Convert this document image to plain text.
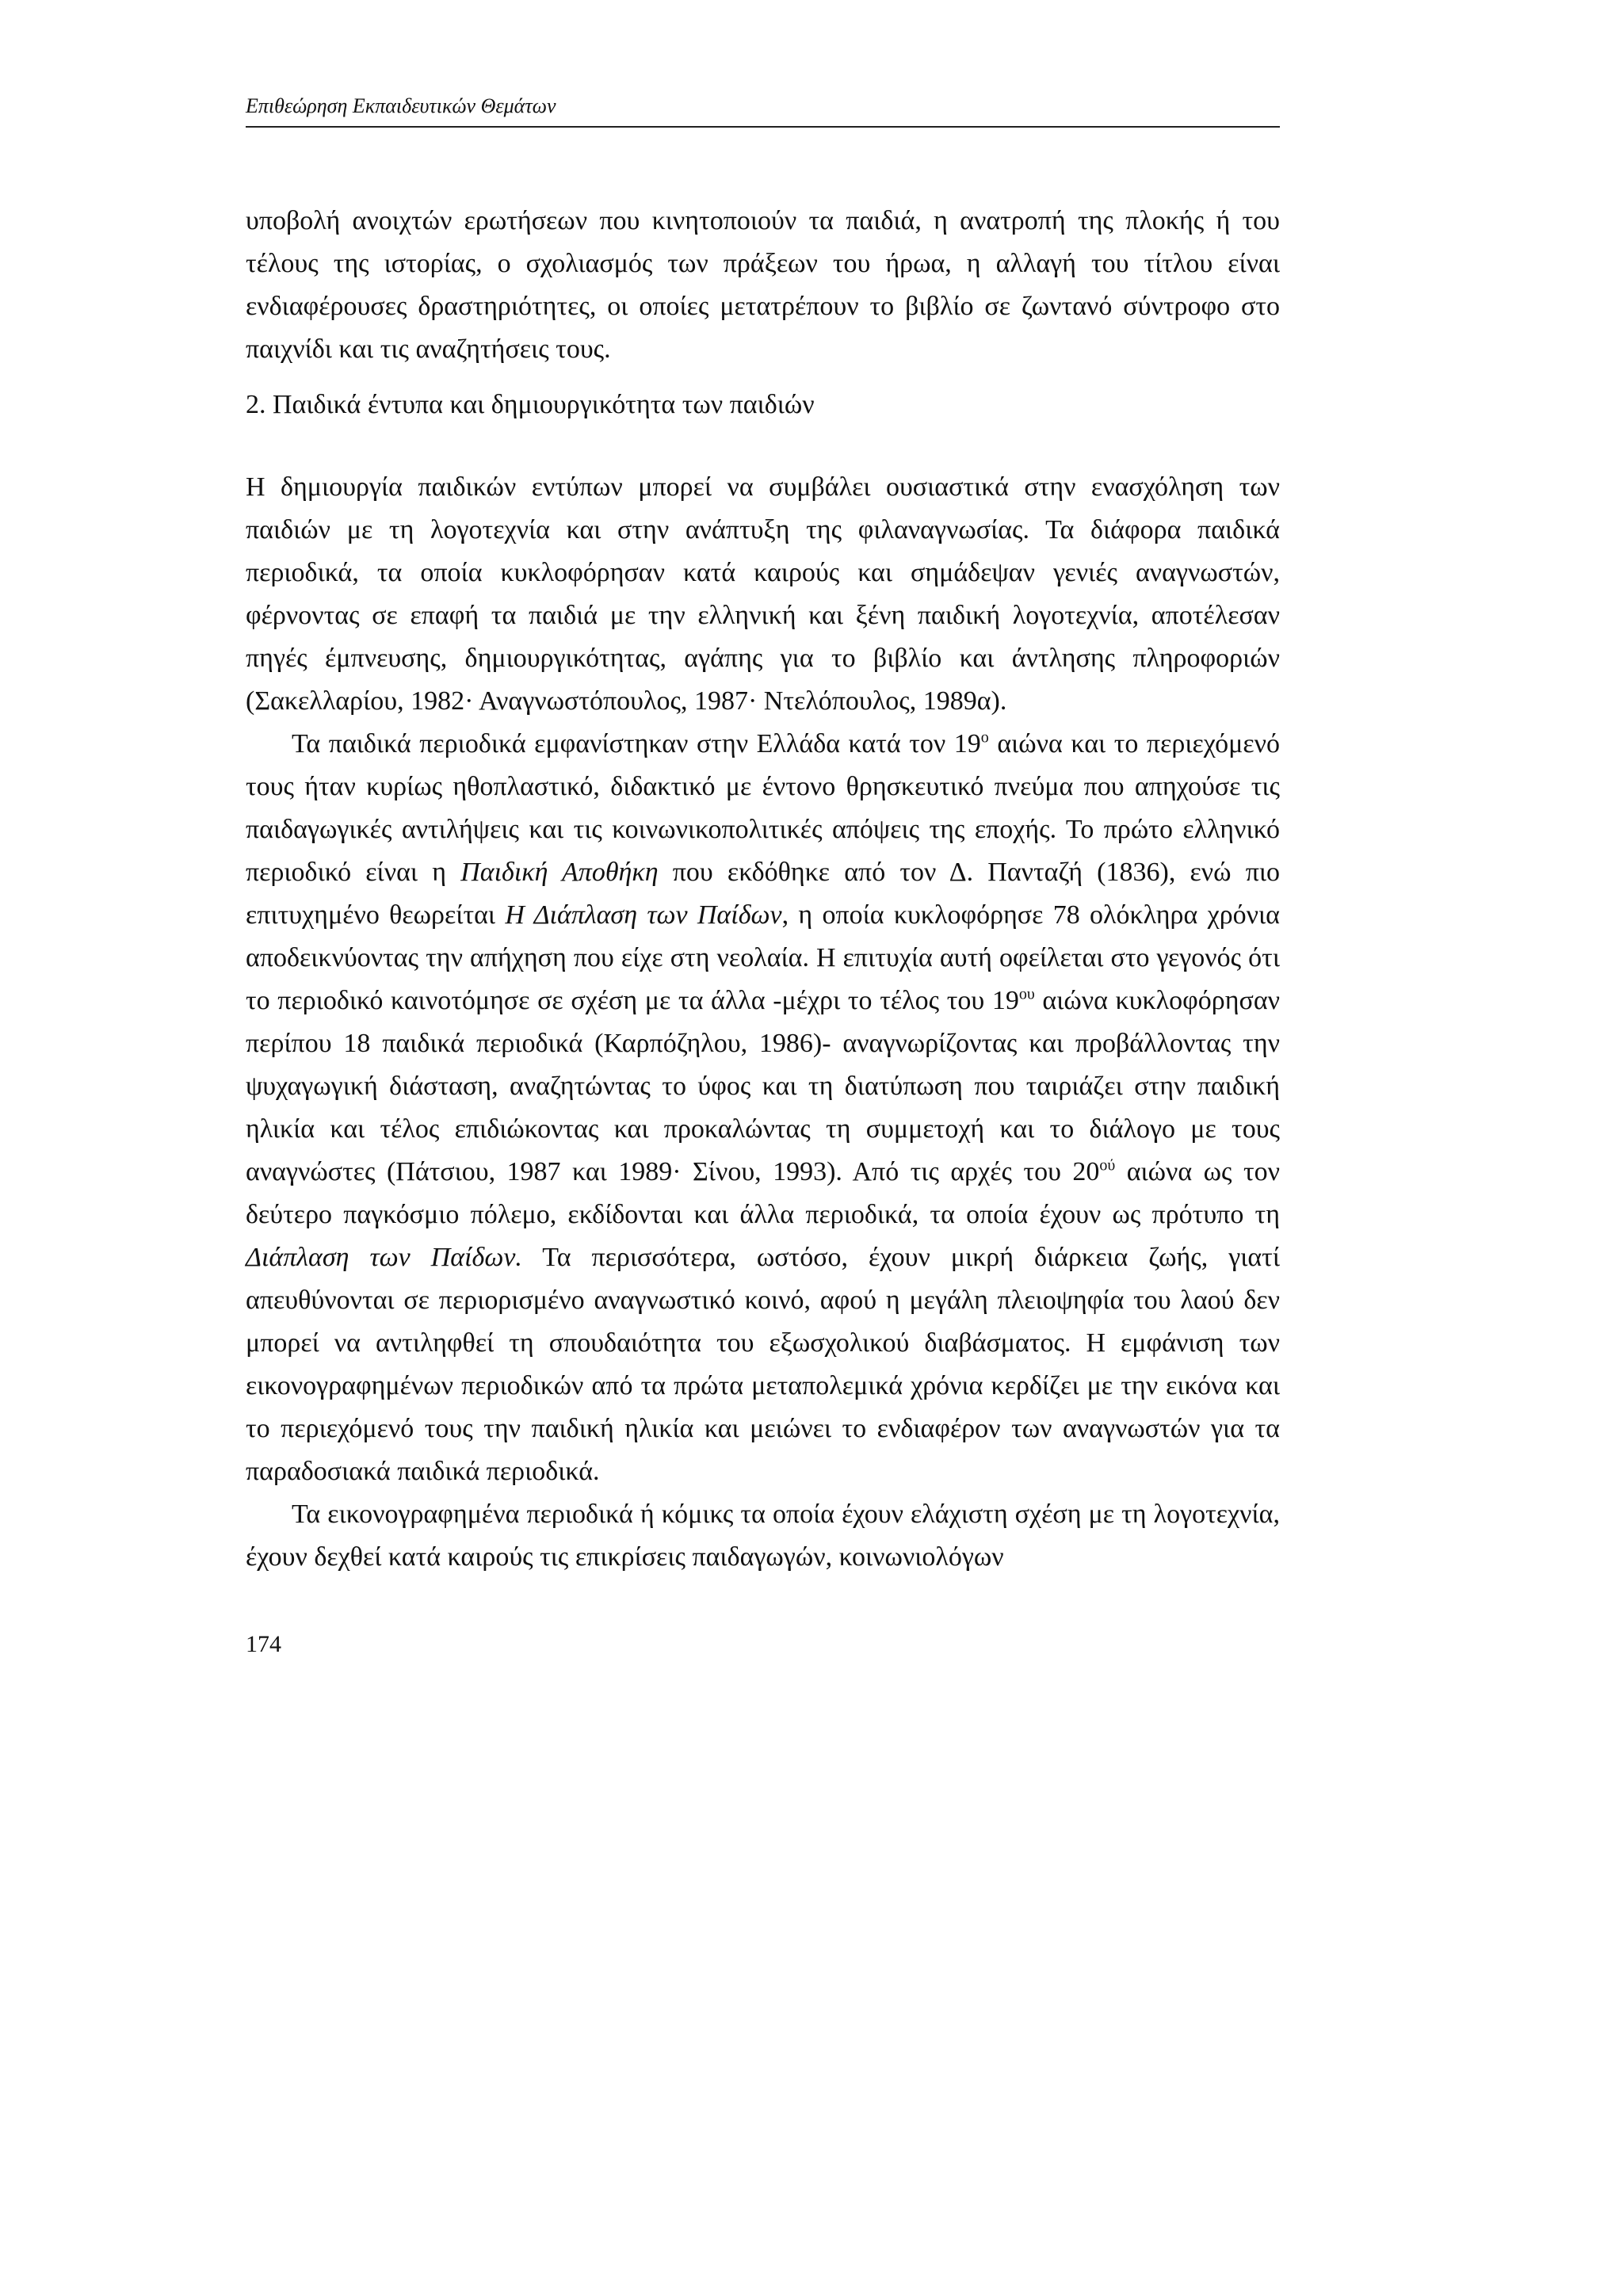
Επιθεώρηση Εκπαιδευτικών Θεμάτων

υποβολή ανοιχτών ερωτήσεων που κινητοποιούν τα παιδιά, η ανατροπή της πλοκής ή του τέλους της ιστορίας, ο σχολιασμός των πράξεων του ήρωα, η αλλαγή του τίτλου είναι ενδιαφέρουσες δραστηριότητες, οι οποίες μετατρέπουν το βιβλίο σε ζωντανό σύντροφο στο παιχνίδι και τις αναζητήσεις τους.

2. Παιδικά έντυπα και δημιουργικότητα των παιδιών

Η δημιουργία παιδικών εντύπων μπορεί να συμβάλει ουσιαστικά στην ενασχόληση των παιδιών με τη λογοτεχνία και στην ανάπτυξη της φιλαναγνωσίας. Τα διάφορα παιδικά περιοδικά, τα οποία κυκλοφόρησαν κατά καιρούς και σημάδεψαν γενιές αναγνωστών, φέρνοντας σε επαφή τα παιδιά με την ελληνική και ξένη παιδική λογοτεχνία, αποτέλεσαν πηγές έμπνευσης, δημιουργικότητας, αγάπης για το βιβλίο και άντλησης πληροφοριών (Σακελλαρίου, 1982· Αναγνωστόπουλος, 1987· Ντελόπουλος, 1989α).

Τα παιδικά περιοδικά εμφανίστηκαν στην Ελλάδα κατά τον $19^o$ αιώνα και το περιεχόμενό τους ήταν κυρίως ηθοπλαστικό, διδακτικό με έντονο θρησκευτικό πνεύμα που απηχούσε τις παιδαγωγικές αντιλήψεις και τις κοινωνικοπολιτικές απόψεις της εποχής. Το πρώτο ελληνικό περιοδικό είναι η Παιδική Αποθήκη που εκδόθηκε από τον Δ. Πανταζή (1836), ενώ πιο επιτυχημένο θεωρείται Η Διάπλαση των Παίδων, η οποία κυκλοφόρησε 78 ολόκληρα χρόνια αποδεικνύοντας την απήχηση που είχε στη νεολαία. Η επιτυχία αυτή οφείλεται στο γεγονός ότι το περιοδικό καινοτόμησε σε σχέση με τα άλλα -μέχρι το τέλος του $19^{o\upsilon}$ αιώνα κυκλοφόρησαν περίπου 18 παιδικά περιοδικά (Καρπόζηλου, 1986)- αναγνωρίζοντας και προβάλλοντας την ψυχαγωγική διάσταση, αναζητώντας το ύφος και τη διατύπωση που ταιριάζει στην παιδική ηλικία και τέλος επιδιώκοντας και προκαλώντας τη συμμετοχή και το διάλογο με τους αναγνώστες (Πάτσιου, 1987 και 1989· Σίνου, 1993). Από τις αρχές του $20^{oύ}$ αιώνα ως τον δεύτερο παγκόσμιο πόλεμο, εκδίδονται και άλλα περιοδικά, τα οποία έχουν ως πρότυπο τη Διάπλαση των Παίδων. Τα περισσότερα, ωστόσο, έχουν μικρή διάρκεια ζωής, γιατί απευθύνονται σε περιορισμένο αναγνωστικό κοινό, αφού η μεγάλη πλειοψηφία του λαού δεν μπορεί να αντιληφθεί τη σπουδαιότητα του εξωσχολικού διαβάσματος. Η εμφάνιση των εικονογραφημένων περιοδικών από τα πρώτα μεταπολεμικά χρόνια κερδίζει με την εικόνα και το περιεχόμενό τους την παιδική ηλικία και μειώνει το ενδιαφέρον των αναγνωστών για τα παραδοσιακά παιδικά περιοδικά.

Τα εικονογραφημένα περιοδικά ή κόμικς τα οποία έχουν ελάχιστη σχέση με τη λογοτεχνία, έχουν δεχθεί κατά καιρούς τις επικρίσεις παιδαγωγών, κοινωνιολόγων

174
